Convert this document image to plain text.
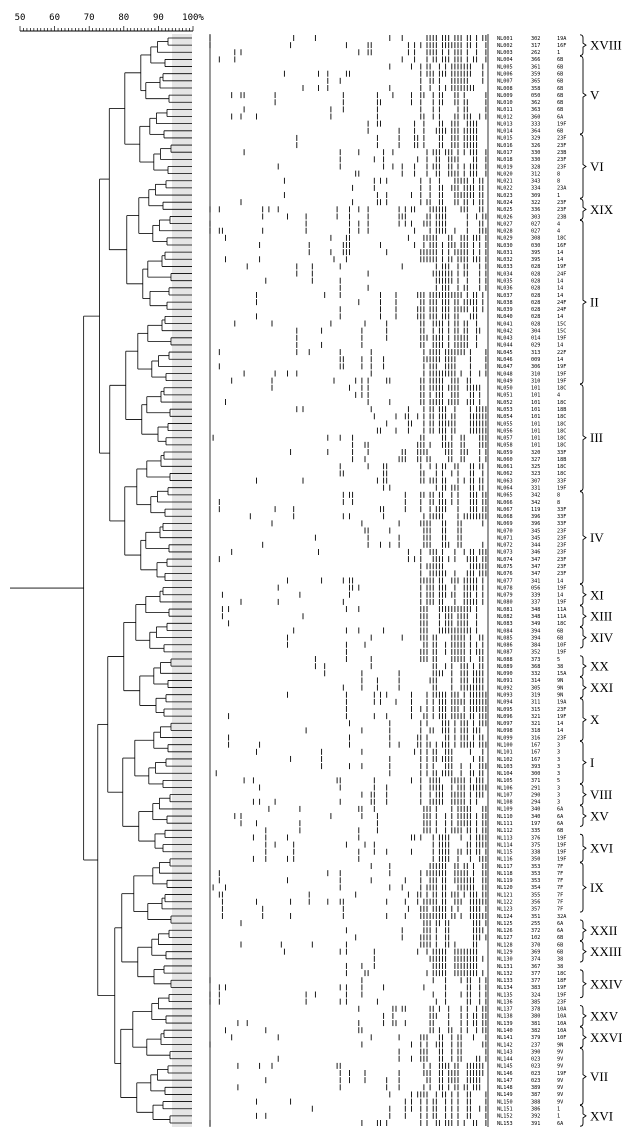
50	60	70	80	90 100%
NL001	302	19A
NL002	317	16F
NL003	262	1
NL004	366	6B
NL005	361	6B
NL006	359	6B
NL007	365	6B
NL008	358	6B
NL009	050	6B
NL010	362	6B
NL011	363	6B
NL012	360	6A
NL013	333	19F
NL014	364	6B
NL015	329	23F
NL016	326	23F
NL017	330	23B
NL018	330	23F
NL019	328	23F
NL020	312	8
NL021	343	8
NL022	334	23A
NL023	309	1
NL024	322	23F
NL025	336	23F
NL026	303	23B
NL027	027	4
NL028	027	4
NL029	308	18C
NL030	030	16F
NL031	395	14
NL032	395	14
NL033	028	19F
NL034	028	24F
NL035	028	14
NL036	028	14
NL037	028	14
NL038	028	24F
NL039	028	24F
NL040	028	14
NL041	028	15C
NL042	304	15C
NL043	014	19F
NL044	029	14
NL045	313	22F
NL046	009	14
NL047	306	19F
NL048	310	19F
NL049	310	19F
NL050	101	18C
NL051	101	4
NL052	101	18C
NL053	101	18B
NL054	101	18C
NL055	101	18C
NL056	101	18C
NL057	101	18C
NL058	101	18C
NL059	320	33F
NL060	327	18B
NL061	325	18C
NL062	323	18C
NL063	307	33F
NL064	331	19F
NL065	342	8
NL066	342	8
NL067	119	33F
NL068	396	33F
NL069	396	33F
NL070	345	23F
NL071	345	23F
NL072	344	23F
NL073	346	23F
NL074	347	23F
NL075	347	23F
NL076	347	23F
NL077	341	14
NL078	056	19F
NL079	339	14
NL080	337	19F
NL081	348	11A
NL082	348	11A
NL083	349	18C
NL084	394	6B
NL085	394	6B
NL086	384	10F
NL087	352	19F
NL088	373	5
NL089	368	38
NL090	332	15A
NL091	314	9N
NL092	305	9N
NL093	319	9N
NL094	311	19A
NL095	315	23F
NL096	321	19F
NL097	321	14
NL098	318	14
NL099	316	23F
NL100	167	3
NL101	167	3
NL102	167	3
NL103	393	3
NL104	300	3
NL105	371	5
NL106	291	3
NL107	290	3
NL108	294	3
NL109	340	6A
NL110	340	6A
NL111	197	6A
NL112	335	6B
NL113	376	19F
NL114	375	19F
NL115	338	19F
NL116	350	19F
NL117	353	7F
NL118	353	7F
NL119	353	7F
NL120	354	7F
NL121	355	7F
NL122	356	7F
NL123	357	7F
NL124	351	32A
NL125	255	6A
NL126	372	6A
NL127	102	6B
NL128	370	6B
NL129	369	6B
NL130	374	38
NL131	367	38
NL132	377	18C
NL133	377	18F
NL134	383	19F
NL135	324	19F
NL136	385	23F
NL137	378	10A
NL138	380	10A
NL139	381	10A
NL140	382	10A
NL141	379	10F
NL142	237	9N
NL143	390	9V
NL144	023	9V
NL145	023	9V
NL146	023	19F
NL147	023	9V
NL148	389	9V
NL149	387	9V
NL150	388	9V
NL151	386	1
NL152	392	1
NL153	391	6A
XVIII
V
VI
XIX
II
III
IV
XI
XIII
XIV
XX
XXI
X
I
VIII
XV
XVI
IX
XXII
XXIII
XXIV
XXV
XXVI
VII
XVI
